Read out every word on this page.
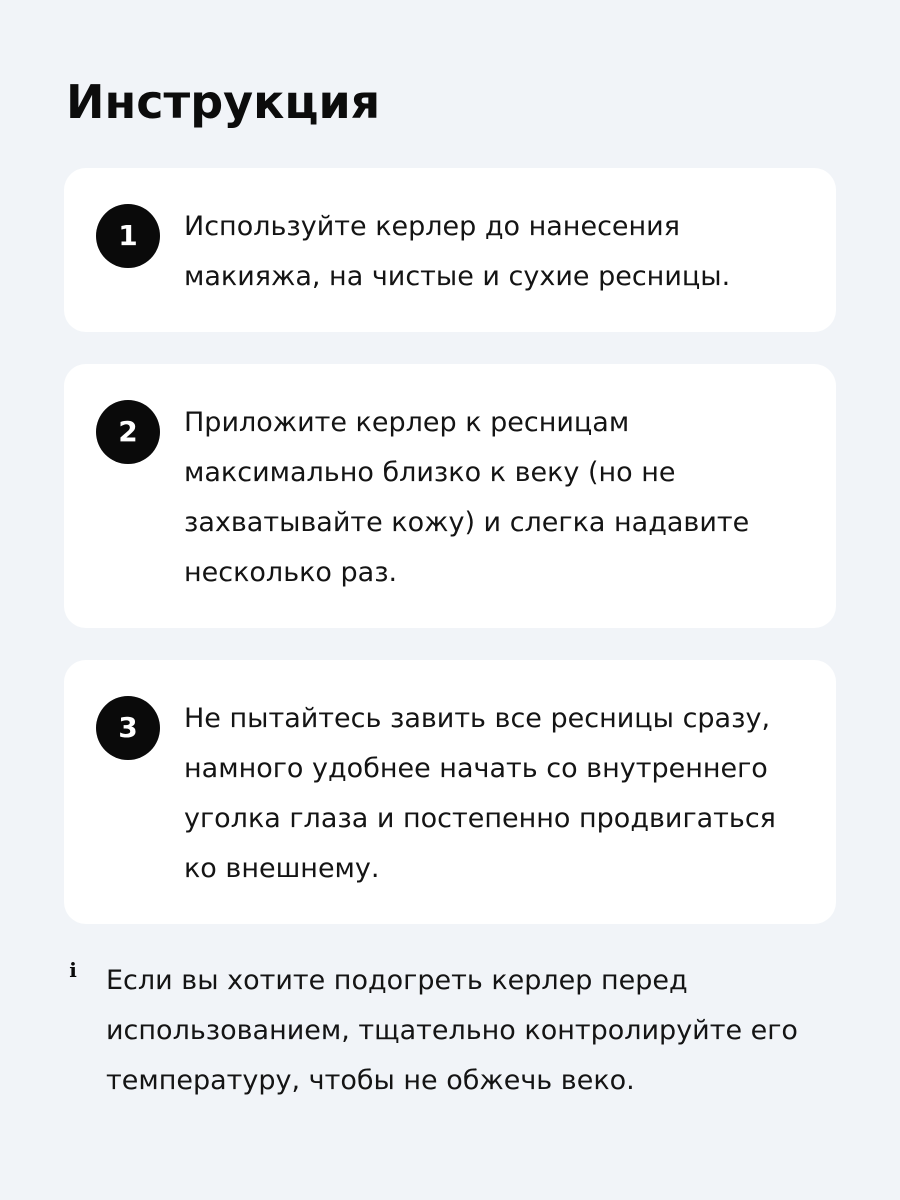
Инструкция
1	Используйте керлер до нанесения
макияжа, на чистые и сухие ресницы.

2	Приложите керлер к ресницам
максимально близко к веку (но не
захватывайте кожу) и слегка надавите
несколько раз.

3	Не пытайтесь завить все ресницы сразу,
намного удобнее начать со внутреннего
уголка глаза и постепенно продвигаться
ко внешнему.

i Если вы хотите подогреть керлер перед
использованием, тщательно контролируйте его
температуру, чтобы не обжечь веко.
